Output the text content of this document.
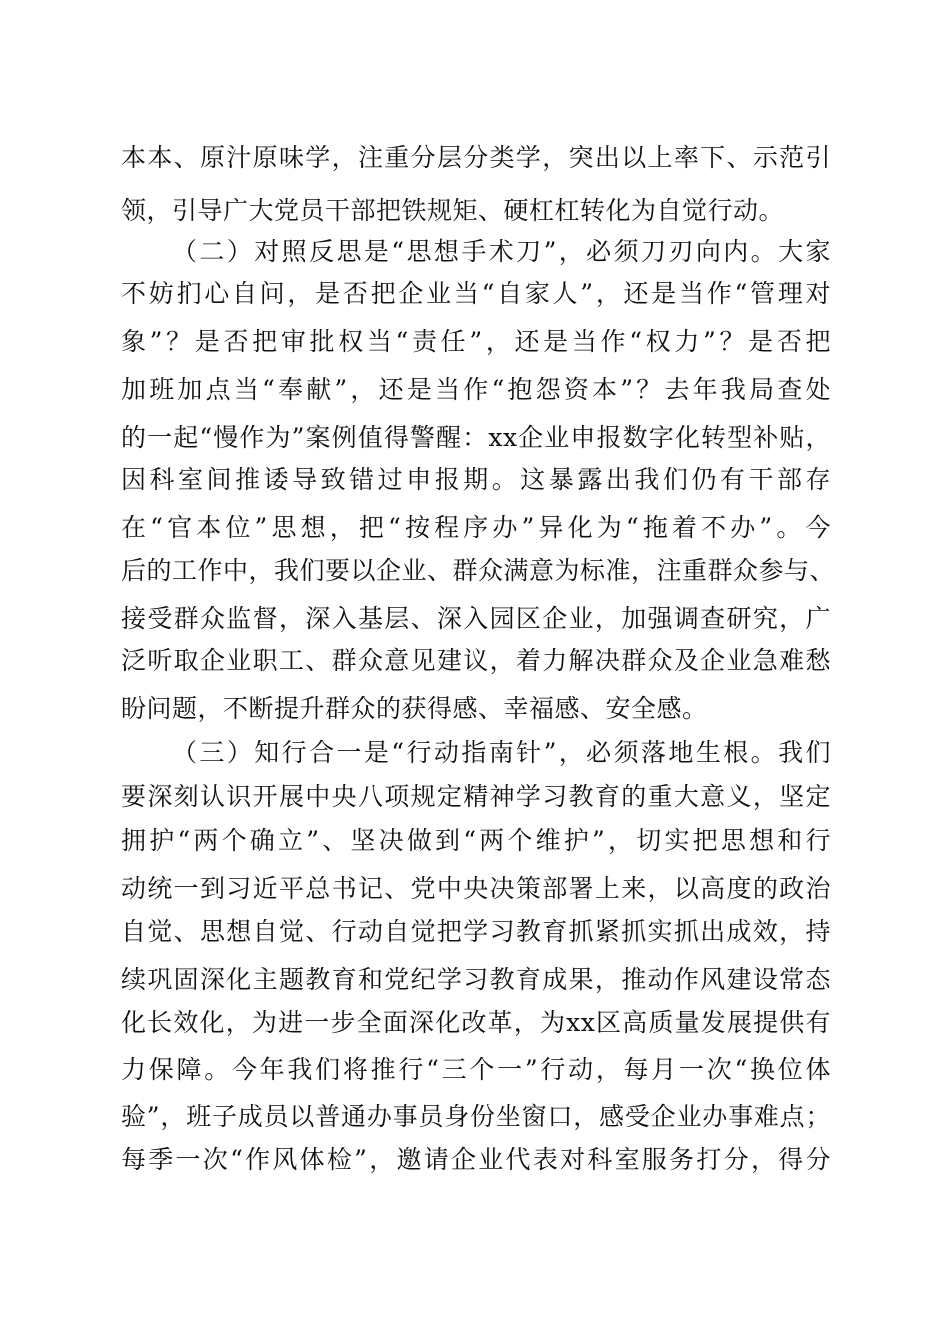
本本、原汁原味学，注重分层分类学，突出以上率下、示范引
领，引导广大党员干部把铁规矩、硬杠杠转化为自觉行动。
（二）对照反思是“思想手术刀”，必须刀刃向内。大家
不妨扪心自问，是否把企业当“自家人”，还是当作“管理对
象”？是否把审批权当“责任”，还是当作“权力”？是否把
加班加点当“奉献”，还是当作“抱怨资本”？去年我局查处
的一起“慢作为”案例值得警醒：xx企业申报数字化转型补贴，
因科室间推诿导致错过申报期。这暴露出我们仍有干部存
在“官本位”思想，把“按程序办”异化为“拖着不办”。今
后的工作中，我们要以企业、群众满意为标准，注重群众参与、
接受群众监督，深入基层、深入园区企业，加强调查研究，广
泛听取企业职工、群众意见建议，着力解决群众及企业急难愁
盼问题，不断提升群众的获得感、幸福感、安全感。
（三）知行合一是“行动指南针”，必须落地生根。我们
要深刻认识开展中央八项规定精神学习教育的重大意义，坚定
拥护“两个确立”、坚决做到“两个维护”，切实把思想和行
动统一到习近平总书记、党中央决策部署上来，以高度的政治
自觉、思想自觉、行动自觉把学习教育抓紧抓实抓出成效，持
续巩固深化主题教育和党纪学习教育成果，推动作风建设常态
化长效化，为进一步全面深化改革，为xx区高质量发展提供有
力保障。今年我们将推行“三个一”行动，每月一次“换位体
验”，班子成员以普通办事员身份坐窗口，感受企业办事难点；
每季一次“作风体检”，邀请企业代表对科室服务打分，得分
